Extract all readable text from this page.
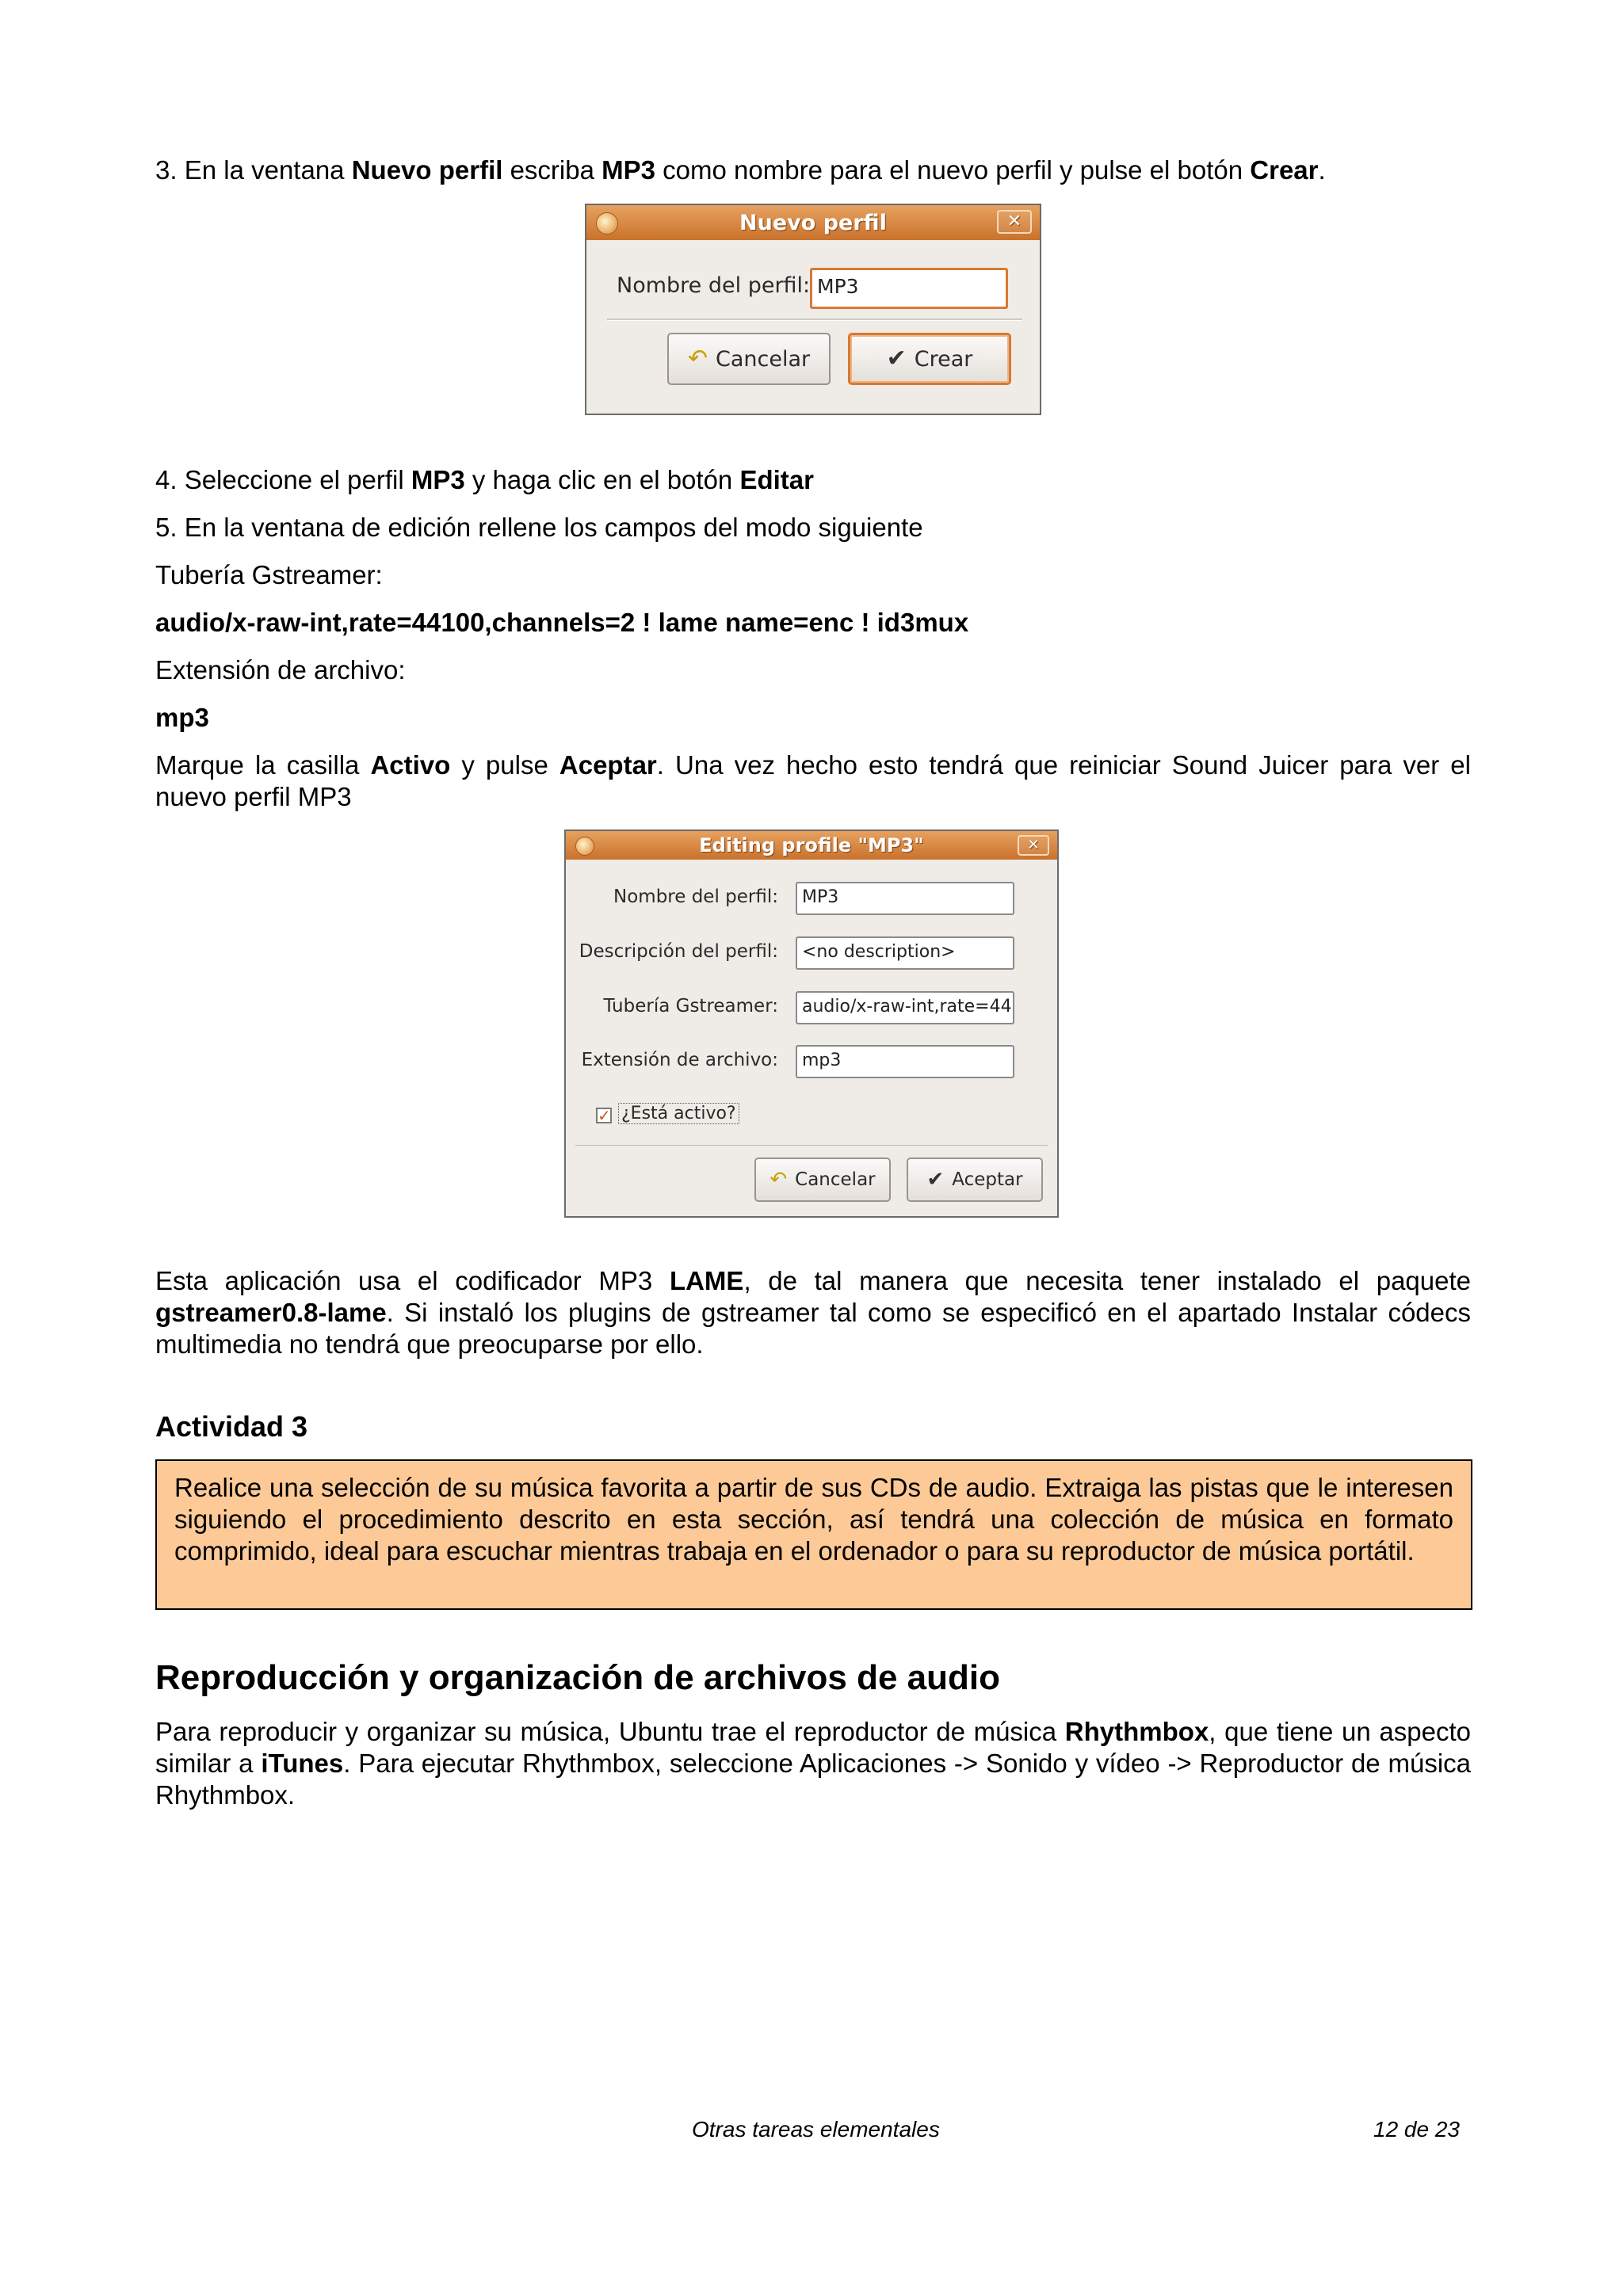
3. En la ventana Nuevo perfil escriba MP3 como nombre para el nuevo perfil y pulse el botón Crear.

Nuevo perfil	✕
Nombre del perfil: MP3
↶ Cancelar	✔ Crear

4. Seleccione el perfil MP3 y haga clic en el botón Editar

5. En la ventana de edición rellene los campos del modo siguiente

Tubería Gstreamer:

audio/x-raw-int,rate=44100,channels=2 ! lame name=enc ! id3mux

Extensión de archivo:

mp3

Marque la casilla Activo y pulse Aceptar. Una vez hecho esto tendrá que reiniciar Sound Juicer para ver el nuevo perfil MP3

Editing profile "MP3"	✕
Nombre del perfil:	MP3
Descripción del perfil:	<no description>
Tubería Gstreamer:	audio/x-raw-int,rate=44
Extensión de archivo:	mp3
✓ ¿Está activo?
↶ Cancelar ✔ Aceptar

Esta aplicación usa el codificador MP3 LAME, de tal manera que necesita tener instalado el paquete gstreamer0.8-lame. Si instaló los plugins de gstreamer tal como se especificó en el apartado Instalar códecs multimedia no tendrá que preocuparse por ello.

Actividad 3

Realice una selección de su música favorita a partir de sus CDs de audio. Extraiga las pistas que le interesen siguiendo el procedimiento descrito en esta sección, así tendrá una colección de música en formato comprimido, ideal para escuchar mientras trabaja en el ordenador o para su reproductor de música portátil.

Reproducción y organización de archivos de audio

Para reproducir y organizar su música, Ubuntu trae el reproductor de música Rhythmbox, que tiene un aspecto similar a iTunes. Para ejecutar Rhythmbox, seleccione Aplicaciones -> Sonido y vídeo -> Reproductor de música Rhythmbox.

Otras tareas elementales	12 de 23
